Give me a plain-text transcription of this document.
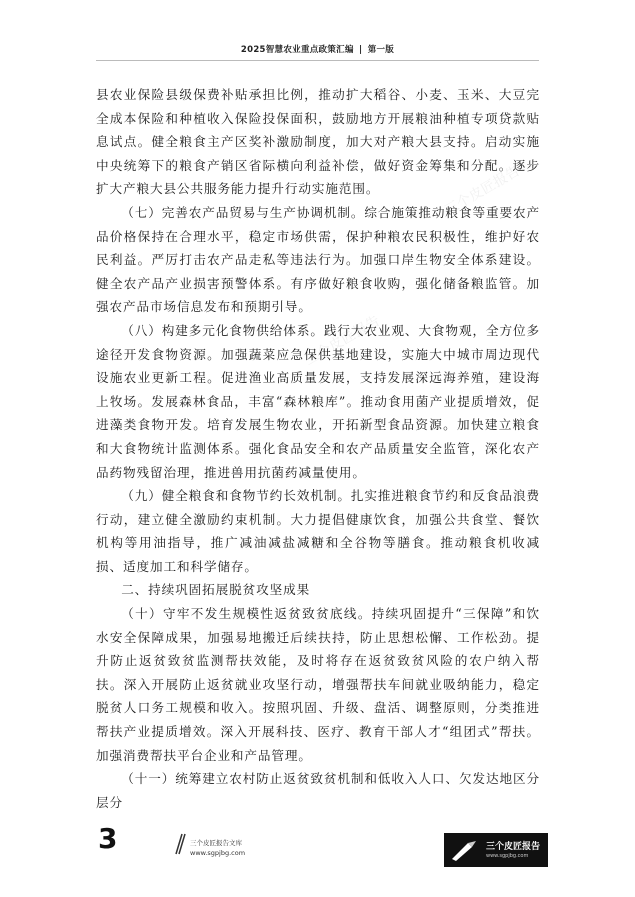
2025智慧农业重点政策汇编 | 第一版
三个皮匠报告
三个皮匠报告

县农业保险县级保费补贴承担比例，推动扩大稻谷、小麦、玉米、大豆完全成本保险和种植收入保险投保面积，鼓励地方开展粮油种植专项贷款贴息试点。健全粮食主产区奖补激励制度，加大对产粮大县支持。启动实施中央统筹下的粮食产销区省际横向利益补偿，做好资金筹集和分配。逐步扩大产粮大县公共服务能力提升行动实施范围。

（七）完善农产品贸易与生产协调机制。综合施策推动粮食等重要农产品价格保持在合理水平，稳定市场供需，保护种粮农民积极性，维护好农民利益。严厉打击农产品走私等违法行为。加强口岸生物安全体系建设。健全农产品产业损害预警体系。有序做好粮食收购，强化储备粮监管。加强农产品市场信息发布和预期引导。

（八）构建多元化食物供给体系。践行大农业观、大食物观，全方位多途径开发食物资源。加强蔬菜应急保供基地建设，实施大中城市周边现代设施农业更新工程。促进渔业高质量发展，支持发展深远海养殖，建设海上牧场。发展森林食品，丰富“森林粮库”。推动食用菌产业提质增效，促进藻类食物开发。培育发展生物农业，开拓新型食品资源。加快建立粮食和大食物统计监测体系。强化食品安全和农产品质量安全监管，深化农产品药物残留治理，推进兽用抗菌药减量使用。

（九）健全粮食和食物节约长效机制。扎实推进粮食节约和反食品浪费行动，建立健全激励约束机制。大力提倡健康饮食，加强公共食堂、餐饮机构等用油指导，推广减油减盐减糖和全谷物等膳食。推动粮食机收减损、适度加工和科学储存。

二、持续巩固拓展脱贫攻坚成果

（十）守牢不发生规模性返贫致贫底线。持续巩固提升“三保障”和饮水安全保障成果，加强易地搬迁后续扶持，防止思想松懈、工作松劲。提升防止返贫致贫监测帮扶效能，及时将存在返贫致贫风险的农户纳入帮扶。深入开展防止返贫就业攻坚行动，增强帮扶车间就业吸纳能力，稳定脱贫人口务工规模和收入。按照巩固、升级、盘活、调整原则，分类推进帮扶产业提质增效。深入开展科技、医疗、教育干部人才“组团式”帮扶。加强消费帮扶平台企业和产品管理。

（十一）统筹建立农村防止返贫致贫机制和低收入人口、欠发达地区分层分

3	三个皮匠报告文库
www.sgpjbg.com
三个皮匠报告
www.sgpjbg.com
